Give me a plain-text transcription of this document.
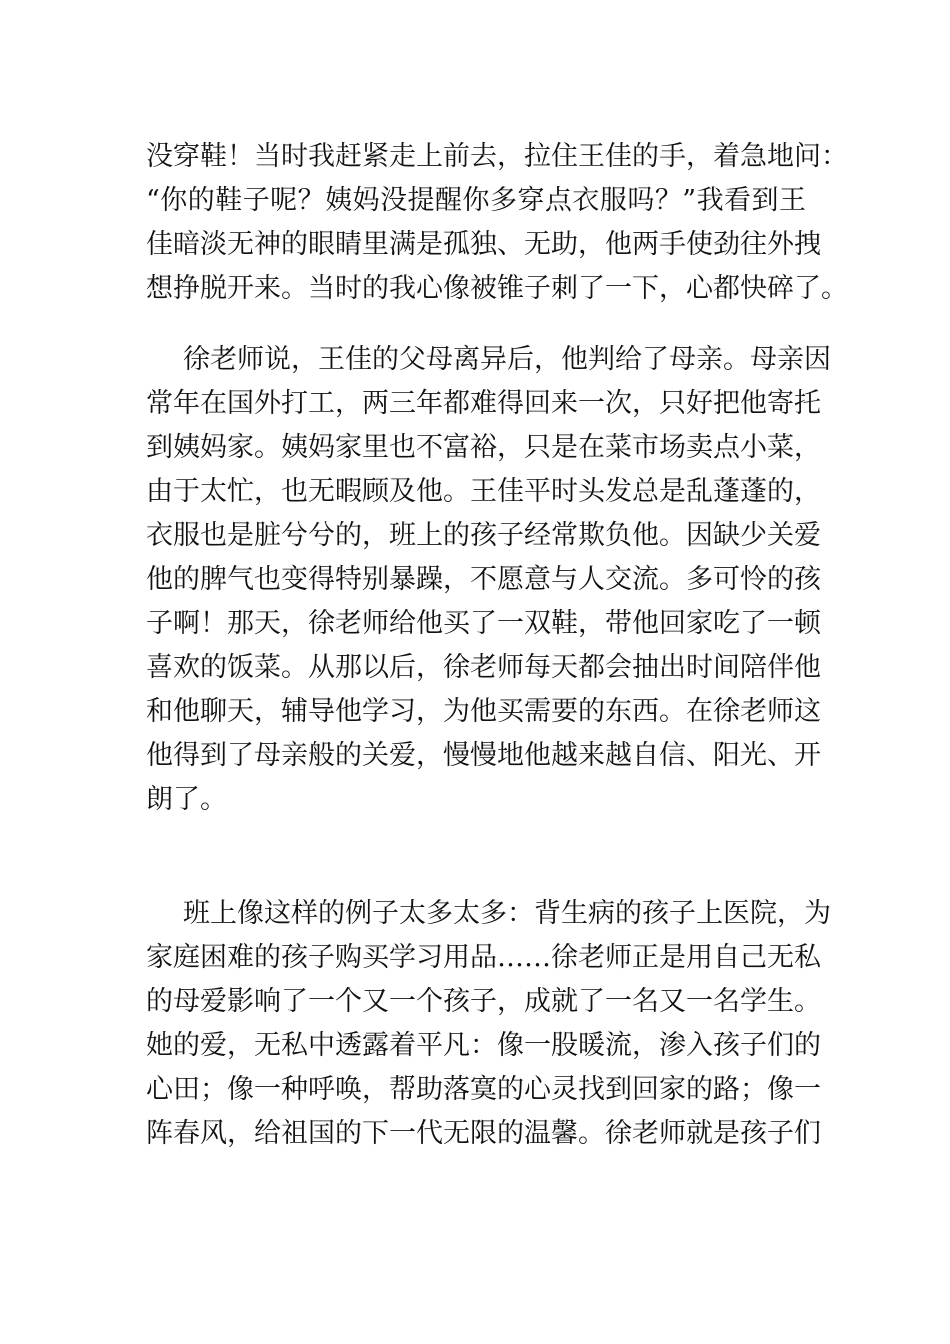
没穿鞋！当时我赶紧走上前去，拉住王佳的手，着急地问：
“你的鞋子呢？姨妈没提醒你多穿点衣服吗？”我看到王
佳暗淡无神的眼睛里满是孤独、无助，他两手使劲往外拽
想挣脱开来。当时的我心像被锥子刺了一下，心都快碎了。
徐老师说，王佳的父母离异后，他判给了母亲。母亲因
常年在国外打工，两三年都难得回来一次，只好把他寄托
到姨妈家。姨妈家里也不富裕，只是在菜市场卖点小菜，
由于太忙，也无暇顾及他。王佳平时头发总是乱蓬蓬的，
衣服也是脏兮兮的，班上的孩子经常欺负他。因缺少关爱
他的脾气也变得特别暴躁，不愿意与人交流。多可怜的孩
子啊！那天，徐老师给他买了一双鞋，带他回家吃了一顿
喜欢的饭菜。从那以后，徐老师每天都会抽出时间陪伴他
和他聊天，辅导他学习，为他买需要的东西。在徐老师这
他得到了母亲般的关爱，慢慢地他越来越自信、阳光、开
朗了。
班上像这样的例子太多太多：背生病的孩子上医院，为
家庭困难的孩子购买学习用品……徐老师正是用自己无私
的母爱影响了一个又一个孩子，成就了一名又一名学生。
她的爱，无私中透露着平凡：像一股暖流，渗入孩子们的
心田；像一种呼唤，帮助落寞的心灵找到回家的路；像一
阵春风，给祖国的下一代无限的温馨。徐老师就是孩子们
